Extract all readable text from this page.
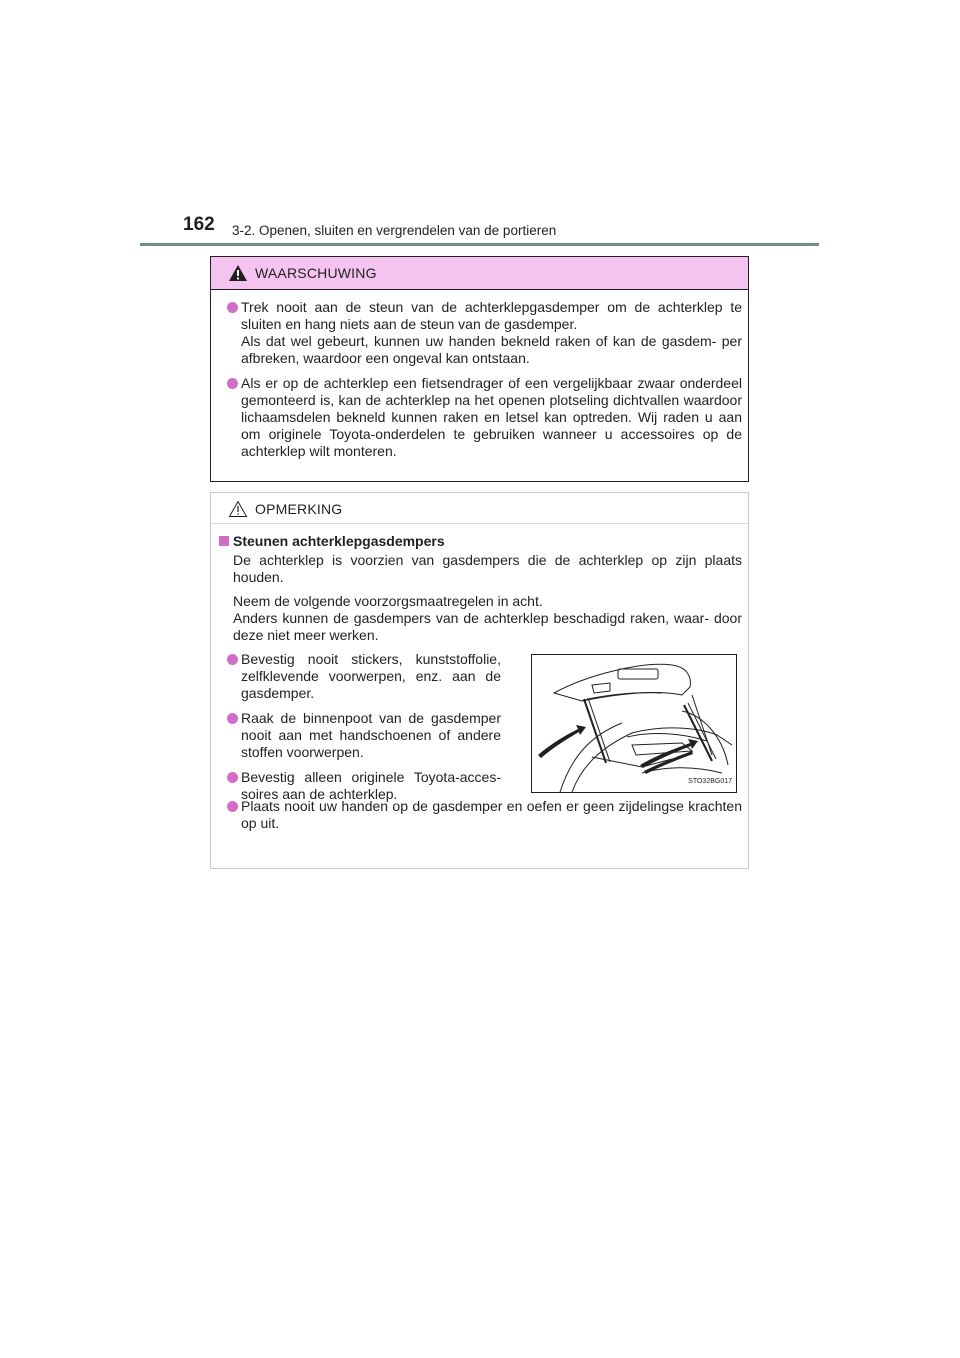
162 3-2. Openen, sluiten en vergrendelen van de portieren
WAARSCHUWING

Trek nooit aan de steun van de achterklepgasdemper om de achterklep te sluiten en hang niets aan de steun van de gasdemper.

Als dat wel gebeurt, kunnen uw handen bekneld raken of kan de gasdem- per afbreken, waardoor een ongeval kan ontstaan.

Als er op de achterklep een fietsendrager of een vergelijkbaar zwaar onderdeel gemonteerd is, kan de achterklep na het openen plotseling dichtvallen waardoor lichaamsdelen bekneld kunnen raken en letsel kan optreden. Wij raden u aan om originele Toyota-onderdelen te gebruiken wanneer u accessoires op de achterklep wilt monteren.

OPMERKING

Steunen achterklepgasdempers

De achterklep is voorzien van gasdempers die de achterklep op zijn plaats houden.

Neem de volgende voorzorgsmaatregelen in acht.

Anders kunnen de gasdempers van de achterklep beschadigd raken, waar- door deze niet meer werken.

Bevestig nooit stickers, kunststoffolie, zelfklevende voorwerpen, enz. aan de gasdemper.

Raak de binnenpoot van de gasdemper nooit aan met handschoenen of andere stoffen voorwerpen.

Bevestig alleen originele Toyota-acces- soires aan de achterklep.

STO32BG017

Plaats nooit uw handen op de gasdemper en oefen er geen zijdelingse krachten op uit.
